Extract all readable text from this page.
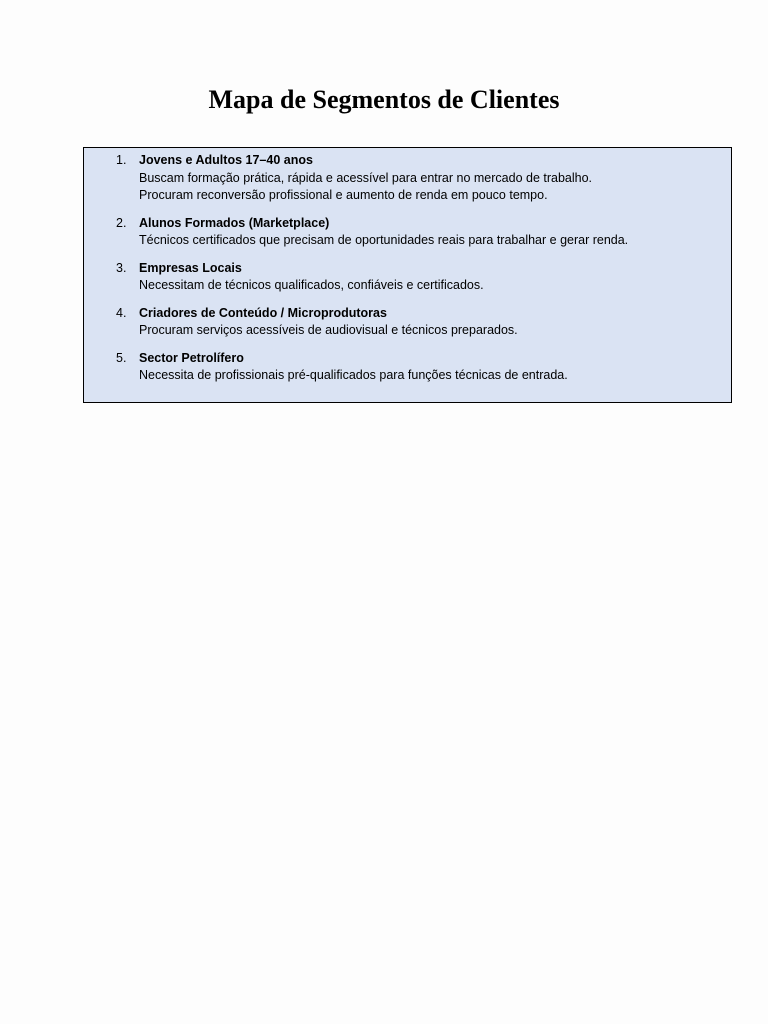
Mapa de Segmentos de Clientes
1. Jovens e Adultos 17–40 anos
Buscam formação prática, rápida e acessível para entrar no mercado de trabalho.
Procuram reconversão profissional e aumento de renda em pouco tempo.
2. Alunos Formados (Marketplace)
Técnicos certificados que precisam de oportunidades reais para trabalhar e gerar renda.
3. Empresas Locais
Necessitam de técnicos qualificados, confiáveis e certificados.
4. Criadores de Conteúdo / Microprodutoras
Procuram serviços acessíveis de audiovisual e técnicos preparados.
5. Sector Petrolífero
Necessita de profissionais pré-qualificados para funções técnicas de entrada.
